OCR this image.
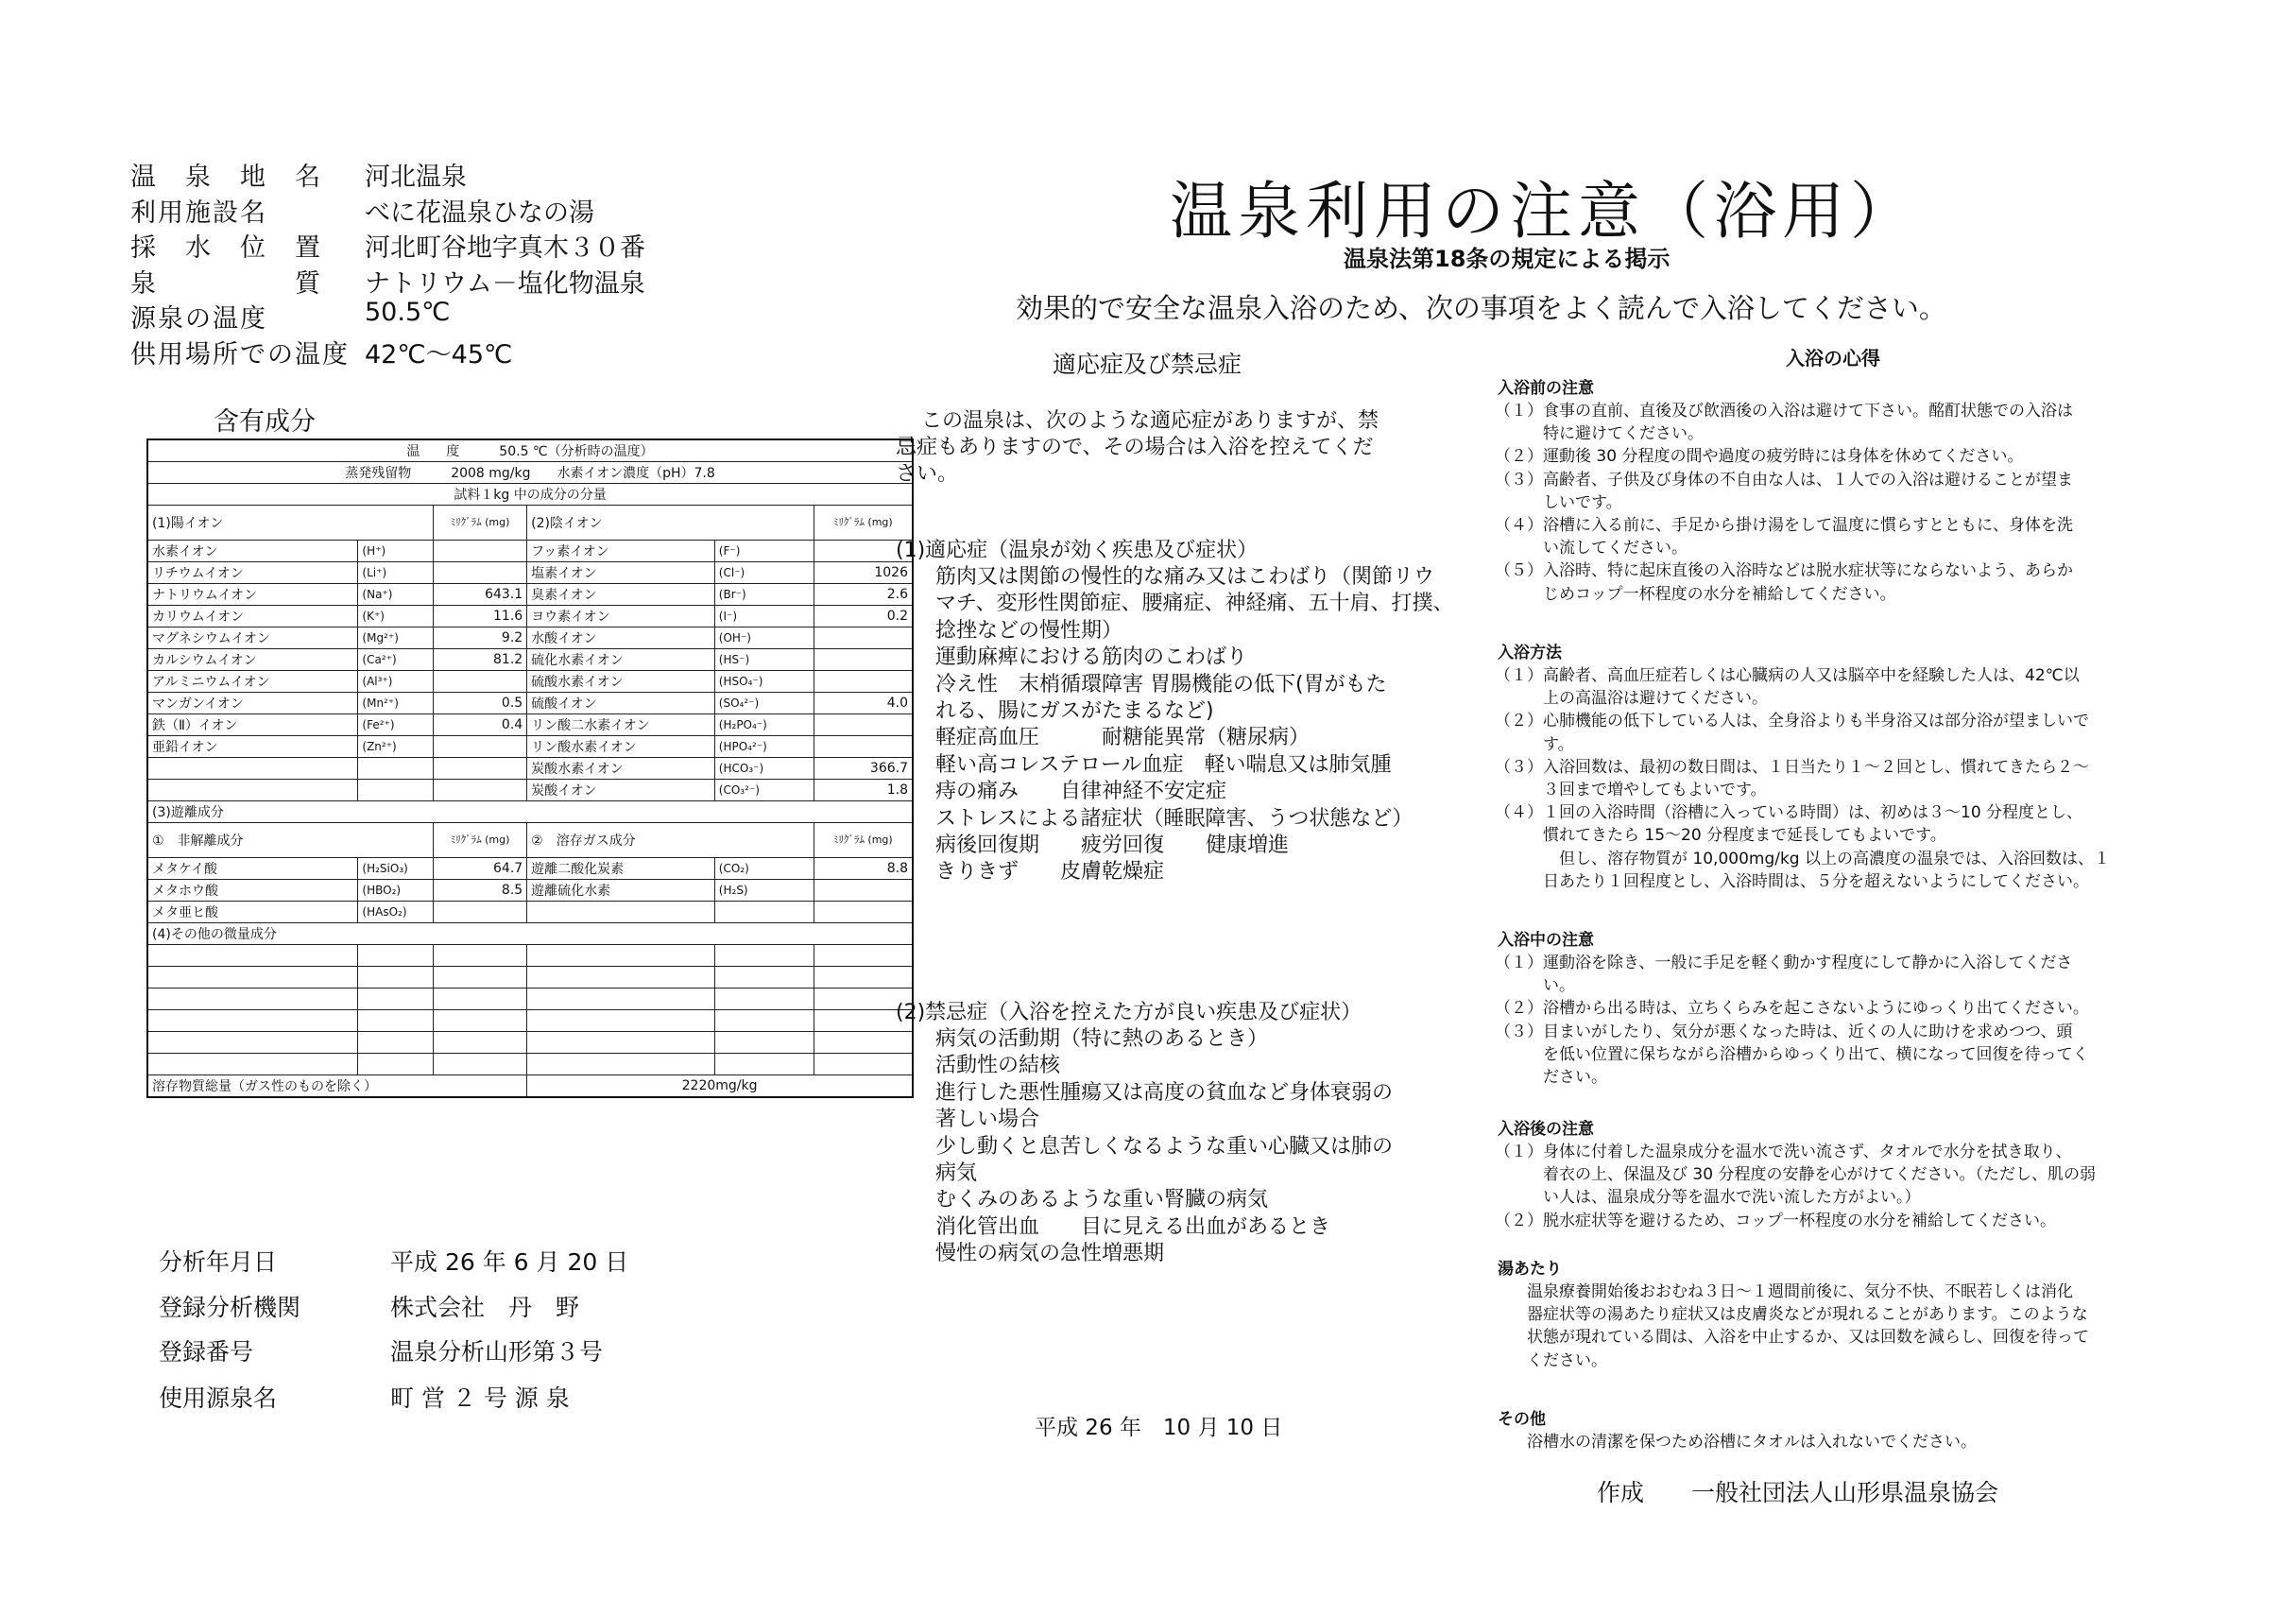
温　泉　地　名	河北温泉
利用施設名	べに花温泉ひなの湯
採　水　位　置	河北町谷地字真木３０番
泉　　　　　質	ナトリウム－塩化物温泉
源泉の温度	50.5℃
供用場所での温度 42℃～45℃
含有成分
温　　度　　　50.5 ℃（分析時の温度）					
蒸発残留物　　　2008 mg/kg　　水素イオン濃度（pH）7.8					
試料１kg 中の成分の分量					
(1)陽イオン		ﾐﾘｸﾞﾗﾑ (mg)	(2)陰イオン		ﾐﾘｸﾞﾗﾑ (mg)
水素イオン	(H⁺)		フッ素イオン	(F⁻)	
リチウムイオン	(Li⁺)		塩素イオン	(Cl⁻)	1026
ナトリウムイオン	(Na⁺)	643.1	臭素イオン	(Br⁻)	2.6
カリウムイオン	(K⁺)	11.6	ヨウ素イオン	(I⁻)	0.2
マグネシウムイオン	(Mg²⁺)	9.2	水酸イオン	(OH⁻)	
カルシウムイオン	(Ca²⁺)	81.2	硫化水素イオン	(HS⁻)	
アルミニウムイオン	(Al³⁺)		硫酸水素イオン	(HSO₄⁻)	
マンガンイオン	(Mn²⁺)	0.5	硫酸イオン	(SO₄²⁻)	4.0
鉄（Ⅱ）イオン	(Fe²⁺)	0.4	リン酸二水素イオン	(H₂PO₄⁻)	
亜鉛イオン	(Zn²⁺)		リン酸水素イオン	(HPO₄²⁻)	
			炭酸水素イオン	(HCO₃⁻)	366.7
			炭酸イオン	(CO₃²⁻)	1.8
(3)遊離成分					
①　非解離成分		ﾐﾘｸﾞﾗﾑ (mg)	②　溶存ガス成分		ﾐﾘｸﾞﾗﾑ (mg)
メタケイ酸	(H₂SiO₃)	64.7	遊離二酸化炭素	(CO₂)	8.8
メタホウ酸	(HBO₂)	8.5	遊離硫化水素	(H₂S)	
メタ亜ヒ酸	(HAsO₂)				
(4)その他の微量成分					

溶存物質総量（ガス性のものを除く）			2220mg/kg		
分析年月日	平成 26 年 6 月 20 日
登録分析機関	株式会社　丹　野
登録番号	温泉分析山形第３号
使用源泉名	町 営 ２ 号 源 泉
温泉利用の注意（浴用）
温泉法第18条の規定による掲示
効果的で安全な温泉入浴のため、次の事項をよく読んで入浴してください。
適応症及び禁忌症
この温泉は、次のような適応症がありますが、禁
忌症もありますので、その場合は入浴を控えてくだ
さい。
(1)適応症（温泉が効く疾患及び症状）
筋肉又は関節の慢性的な痛み又はこわばり（関節リウ
マチ、変形性関節症、腰痛症、神経痛、五十肩、打撲、
捻挫などの慢性期）
運動麻痺における筋肉のこわばり
冷え性　末梢循環障害 胃腸機能の低下(胃がもた
れる、腸にガスがたまるなど)
軽症高血圧　　　耐糖能異常（糖尿病）
軽い高コレステロール血症　軽い喘息又は肺気腫
痔の痛み　　自律神経不安定症
ストレスによる諸症状（睡眠障害、うつ状態など）
病後回復期　　疲労回復　　健康増進
きりきず　　皮膚乾燥症
(2)禁忌症（入浴を控えた方が良い疾患及び症状）
病気の活動期（特に熱のあるとき）
活動性の結核
進行した悪性腫瘍又は高度の貧血など身体衰弱の
著しい場合
少し動くと息苦しくなるような重い心臓又は肺の
病気
むくみのあるような重い腎臓の病気
消化管出血　　目に見える出血があるとき
慢性の病気の急性増悪期
平成 26 年　10 月 10 日
入浴の心得
入浴前の注意
（１）食事の直前、直後及び飲酒後の入浴は避けて下さい。酩酊状態での入浴は
　　　特に避けてください。
（２）運動後 30 分程度の間や過度の疲労時には身体を休めてください。
（３）高齢者、子供及び身体の不自由な人は、１人での入浴は避けることが望ま
　　　しいです。
（４）浴槽に入る前に、手足から掛け湯をして温度に慣らすとともに、身体を洗
　　　い流してください。
（５）入浴時、特に起床直後の入浴時などは脱水症状等にならないよう、あらか
　　　じめコップ一杯程度の水分を補給してください。
入浴方法
（１）高齢者、高血圧症若しくは心臓病の人又は脳卒中を経験した人は、42℃以
　　　上の高温浴は避けてください。
（２）心肺機能の低下している人は、全身浴よりも半身浴又は部分浴が望ましいで
　　　す。
（３）入浴回数は、最初の数日間は、１日当たり１～２回とし、慣れてきたら２～
　　　３回まで増やしてもよいです。
（４）１回の入浴時間（浴槽に入っている時間）は、初めは３～10 分程度とし、
　　　慣れてきたら 15～20 分程度まで延長してもよいです。
　　　　但し、溶存物質が 10,000mg/kg 以上の高濃度の温泉では、入浴回数は、１
　　　日あたり１回程度とし、入浴時間は、５分を超えないようにしてください。
入浴中の注意
（１）運動浴を除き、一般に手足を軽く動かす程度にして静かに入浴してくださ
　　　い。
（２）浴槽から出る時は、立ちくらみを起こさないようにゆっくり出てください。
（３）目まいがしたり、気分が悪くなった時は、近くの人に助けを求めつつ、頭
　　　を低い位置に保ちながら浴槽からゆっくり出て、横になって回復を待ってく
　　　ださい。
入浴後の注意
（１）身体に付着した温泉成分を温水で洗い流さず、タオルで水分を拭き取り、
　　　着衣の上、保温及び 30 分程度の安静を心がけてください。（ただし、肌の弱
　　　い人は、温泉成分等を温水で洗い流した方がよい。）
（２）脱水症状等を避けるため、コップ一杯程度の水分を補給してください。
湯あたり
　　温泉療養開始後おおむね３日～１週間前後に、気分不快、不眠若しくは消化
　　器症状等の湯あたり症状又は皮膚炎などが現れることがあります。このような
　　状態が現れている間は、入浴を中止するか、又は回数を減らし、回復を待って
　　ください。
その他
　　浴槽水の清潔を保つため浴槽にタオルは入れないでください。
作成　　一般社団法人山形県温泉協会
